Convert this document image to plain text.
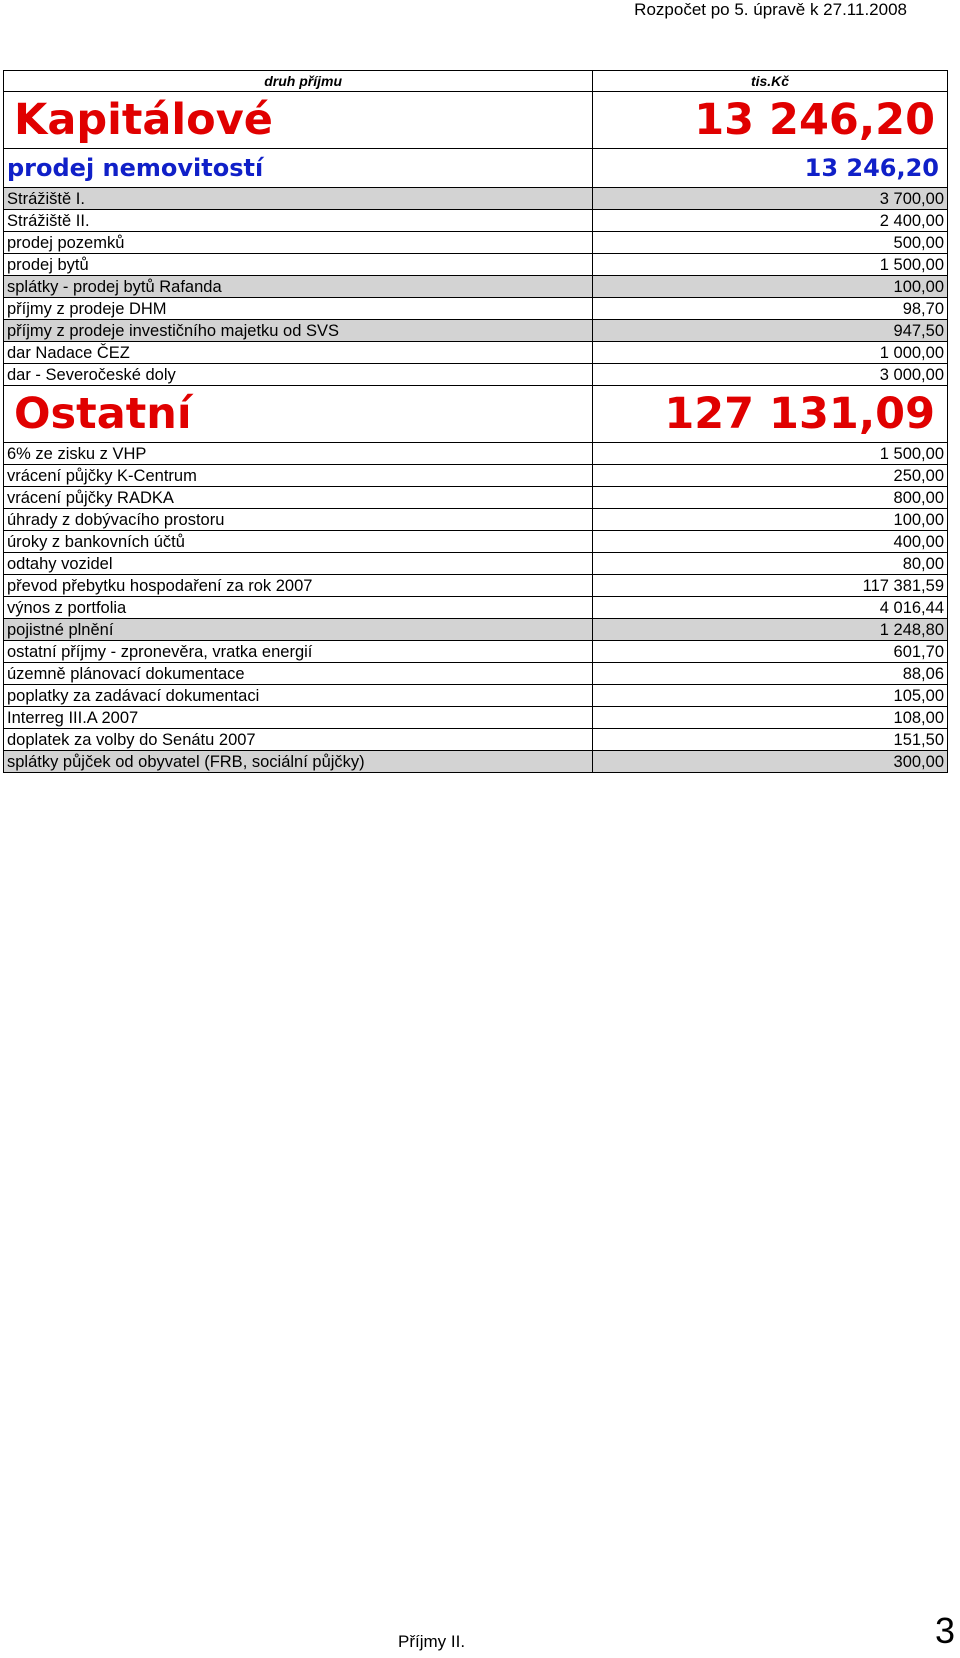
Rozpočet po 5. úpravě k 27.11.2008
druh příjmu	tis.Kč
Kapitálové	13 246,20
prodej nemovitostí	13 246,20
Strážiště I.	3 700,00
Strážiště II.	2 400,00
prodej pozemků	500,00
prodej bytů	1 500,00
splátky - prodej bytů Rafanda	100,00
příjmy z prodeje DHM	98,70
příjmy z prodeje investičního majetku od SVS	947,50
dar Nadace ČEZ	1 000,00
dar - Severočeské doly	3 000,00
Ostatní	127 131,09
6% ze zisku z VHP	1 500,00
vrácení půjčky K-Centrum	250,00
vrácení půjčky RADKA	800,00
úhrady z dobývacího prostoru	100,00
úroky z bankovních účtů	400,00
odtahy vozidel	80,00
převod přebytku hospodaření za rok 2007	117 381,59
výnos z portfolia	4 016,44
pojistné plnění	1 248,80
ostatní příjmy - zpronevěra, vratka energií	601,70
územně plánovací dokumentace	88,06
poplatky za zadávací dokumentaci	105,00
Interreg III.A 2007	108,00
doplatek za volby do Senátu 2007	151,50
splátky půjček od obyvatel (FRB, sociální půjčky)	300,00
Příjmy II.	3
